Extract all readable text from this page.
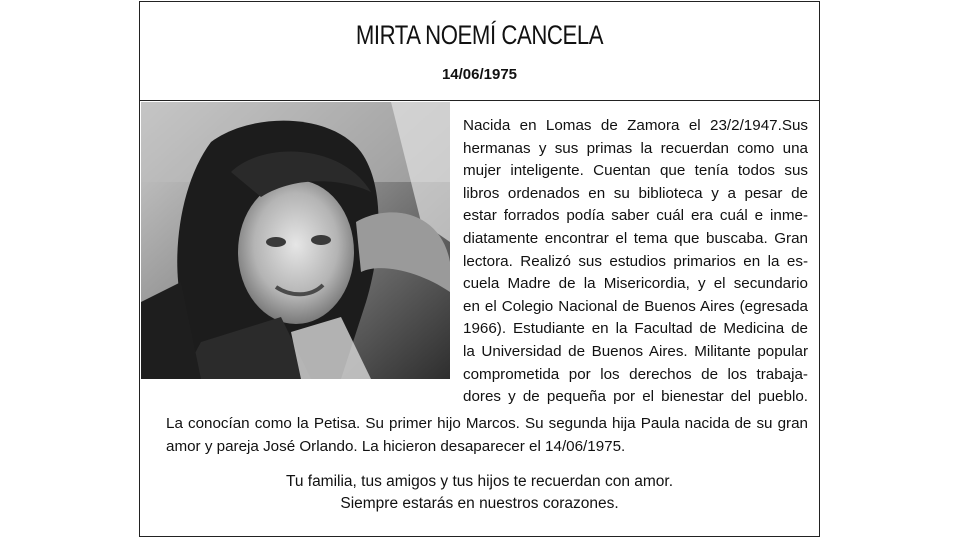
MIRTA NOEMÍ CANCELA
14/06/1975
Nacida en Lomas de Zamora el 23/2/1947.Sus
hermanas y sus primas la recuerdan como una
mujer inteligente. Cuentan que tenía todos sus
libros ordenados en su biblioteca y a pesar de
estar forrados podía saber cuál era cuál e inme-
diatamente encontrar el tema que buscaba. Gran
lectora. Realizó sus estudios primarios en la es-
cuela Madre de la Misericordia, y el secundario
en el Colegio Nacional de Buenos Aires (egresada
1966). Estudiante en la Facultad de Medicina de
la Universidad de Buenos Aires. Militante popular
comprometida por los derechos de los trabaja-
dores y de pequeña por el bienestar del pueblo.
La conocían como la Petisa. Su primer hijo Marcos. Su segunda hija Paula nacida de su gran
amor y pareja José Orlando. La hicieron desaparecer el 14/06/1975.
Tu familia, tus amigos y tus hijos te recuerdan con amor.
Siempre estarás en nuestros corazones.
